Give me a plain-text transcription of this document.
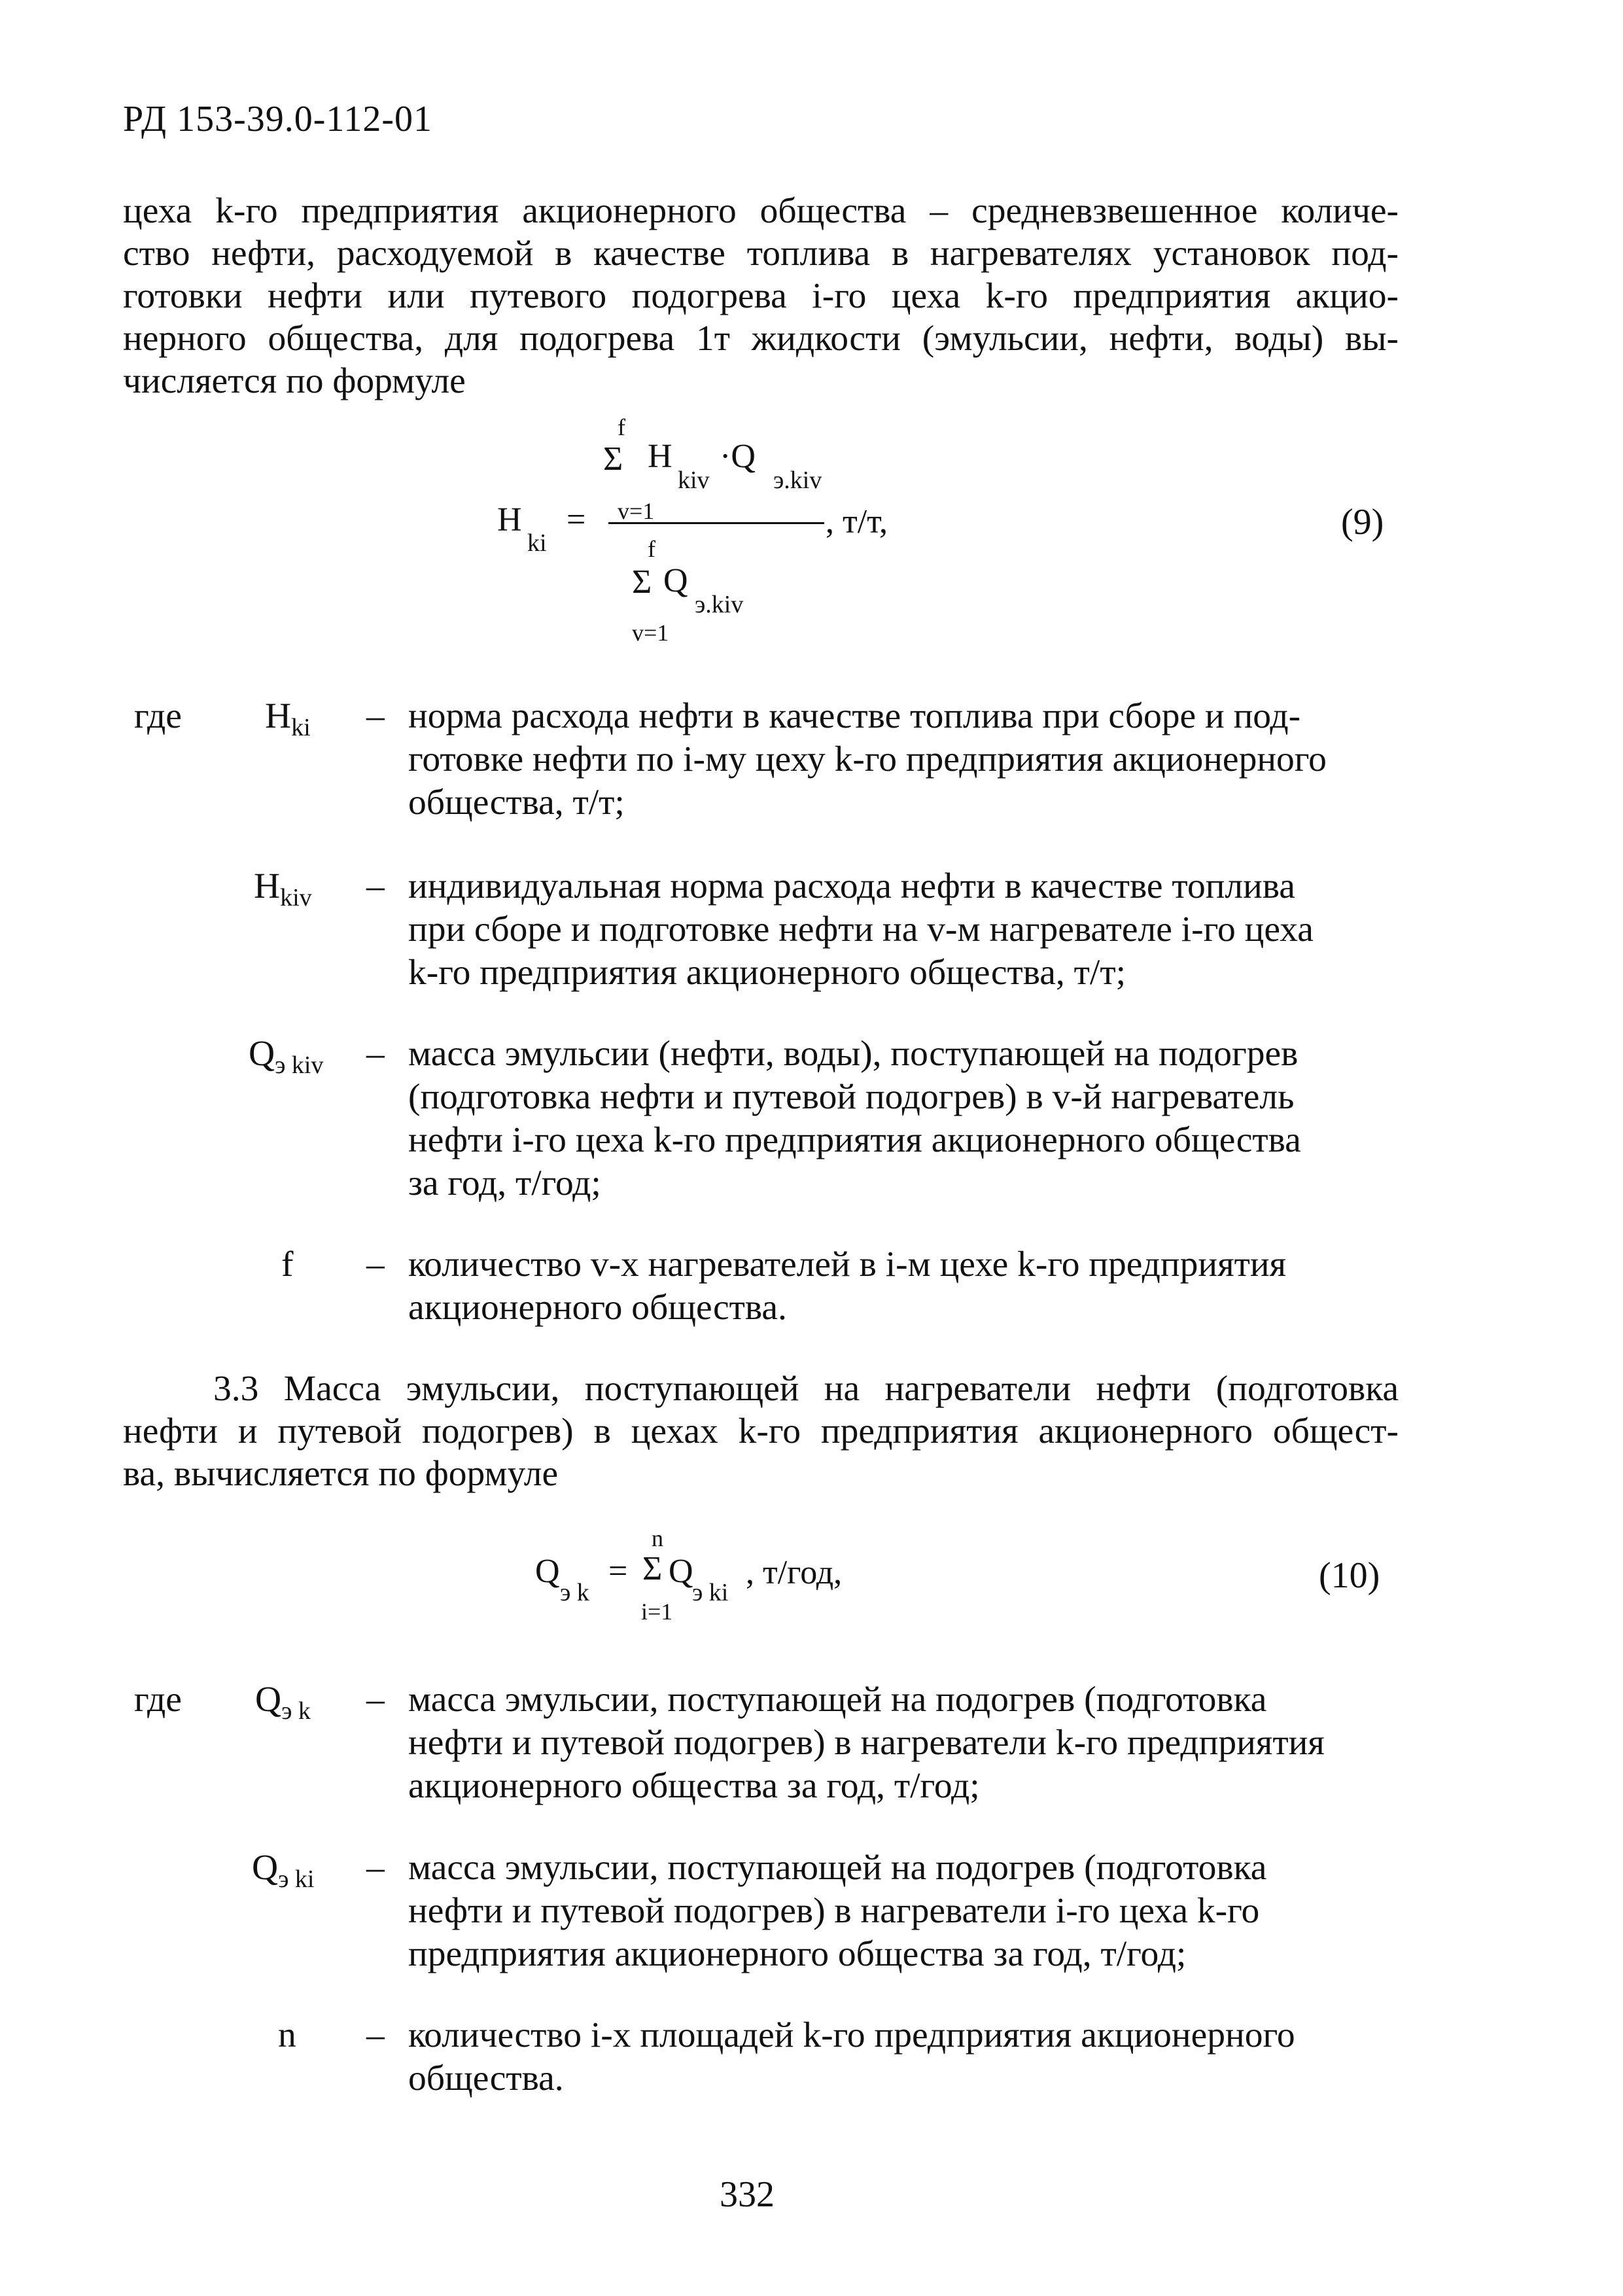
РД 153-39.0-112-01
цеха k-го предприятия акционерного общества – средневзвешенное количе-
ство нефти, расходуемой в качестве топлива в нагревателях установок под-
готовки нефти или путевого подогрева i-го цеха k-го предприятия акцио-
нерного общества, для подогрева 1т жидкости (эмульсии, нефти, воды) вы-
числяется по формуле
f
Σ H
kiv
·Q
э.kiv
v=1
H
ki
=	, т/т,
f
Σ Q
э.kiv
v=1
(9)
где $H_{ki}$ – норма расхода нефти в качестве топлива при сборе и под-
готовке нефти по i-му цеху k-го предприятия акционерного
общества, т/т;
$H_{kiv}$ – индивидуальная норма расхода нефти в качестве топлива
при сборе и подготовке нефти на v-м нагревателе i-го цеха
k-го предприятия акционерного общества, т/т;
$Q_{э kiv}$ – масса эмульсии (нефти, воды), поступающей на подогрев
(подготовка нефти и путевой подогрев) в v-й нагреватель
нефти i-го цеха k-го предприятия акционерного общества
за год, т/год;
f – количество v-х нагревателей в i-м цехе k-го предприятия
акционерного общества.
3.3 Масса эмульсии, поступающей на нагреватели нефти (подготовка
нефти и путевой подогрев) в цехах k-го предприятия акционерного общест-
ва, вычисляется по формуле
Q
э k
=
n
Σ Q
э ki
i=1
, т/год,	(10)
где $Q_{э k}$ – масса эмульсии, поступающей на подогрев (подготовка
нефти и путевой подогрев) в нагреватели k-го предприятия
акционерного общества за год, т/год;
$Q_{э ki}$ – масса эмульсии, поступающей на подогрев (подготовка
нефти и путевой подогрев) в нагреватели i-го цеха k-го
предприятия акционерного общества за год, т/год;
n – количество i-х площадей k-го предприятия акционерного
общества.
332
